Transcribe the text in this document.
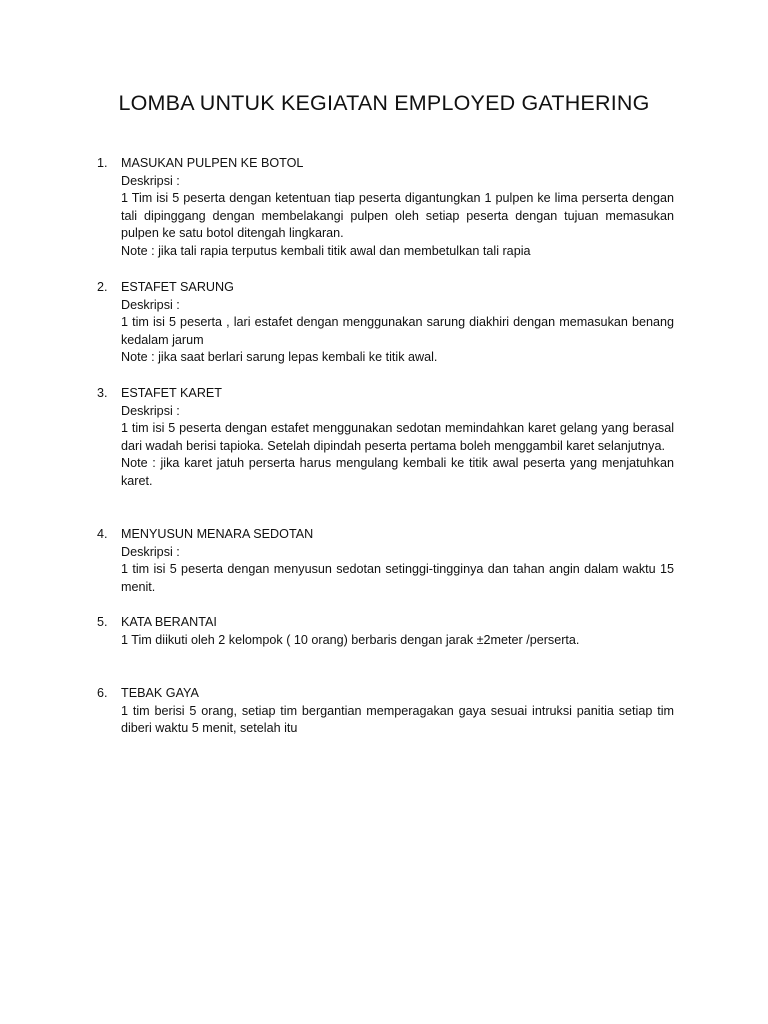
LOMBA UNTUK KEGIATAN EMPLOYED GATHERING
1. MASUKAN PULPEN KE BOTOL
Deskripsi :
1 Tim isi 5 peserta dengan ketentuan tiap peserta digantungkan 1 pulpen ke lima perserta dengan tali dipinggang dengan membelakangi pulpen oleh setiap peserta dengan tujuan memasukan pulpen ke satu botol ditengah lingkaran.
Note : jika tali rapia terputus kembali titik awal dan membetulkan tali rapia
2. ESTAFET SARUNG
Deskripsi :
1 tim isi 5 peserta , lari estafet dengan menggunakan sarung diakhiri dengan memasukan benang kedalam jarum
Note : jika saat berlari sarung lepas kembali ke titik awal.
3. ESTAFET KARET
Deskripsi :
1 tim isi 5 peserta dengan estafet menggunakan sedotan memindahkan karet gelang yang berasal dari wadah berisi tapioka. Setelah dipindah peserta pertama boleh menggambil karet selanjutnya.
Note : jika karet jatuh perserta harus mengulang kembali ke titik awal peserta yang menjatuhkan karet.
4. MENYUSUN MENARA SEDOTAN
Deskripsi :
1 tim isi 5 peserta dengan menyusun sedotan setinggi-tingginya dan tahan angin dalam waktu 15 menit.
5. KATA BERANTAI
1 Tim diikuti oleh 2 kelompok ( 10 orang) berbaris dengan jarak ±2meter /perserta.
6. TEBAK GAYA
1 tim berisi 5 orang, setiap tim bergantian memperagakan gaya sesuai intruksi panitia setiap tim diberi waktu 5 menit, setelah itu
